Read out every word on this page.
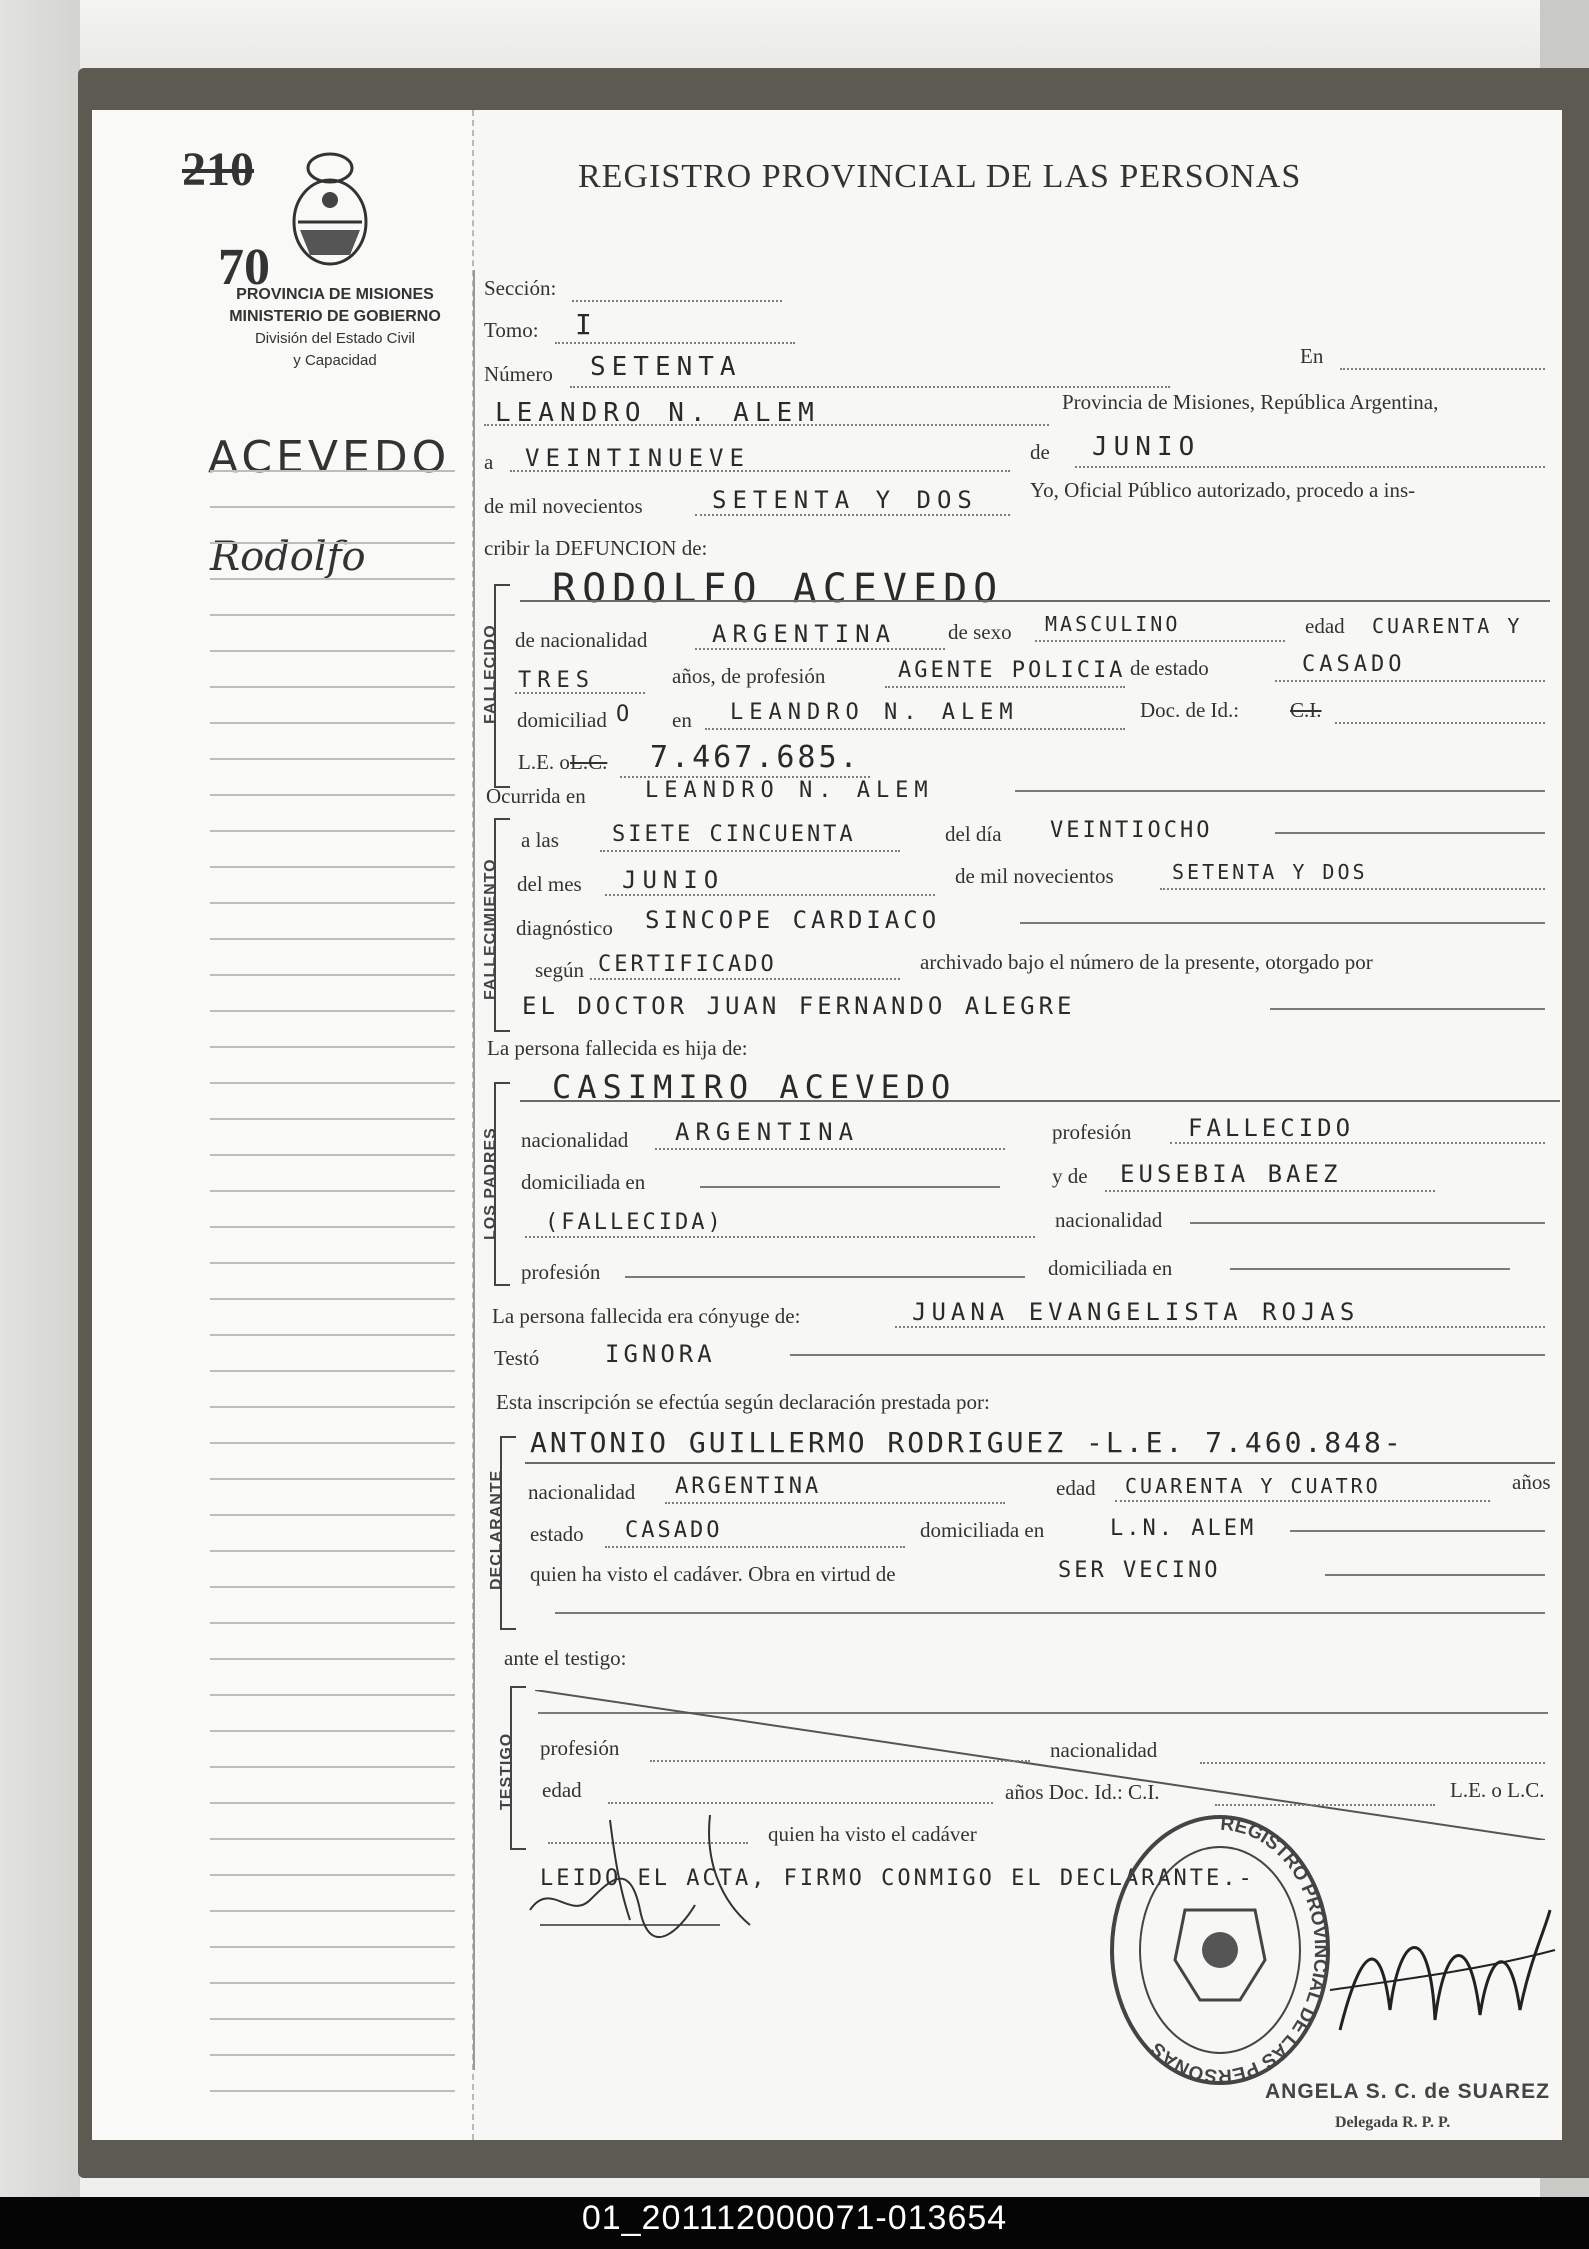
210
70
REGISTRO PROVINCIAL DE LAS PERSONAS
PROVINCIA DE MISIONES
MINISTERIO DE GOBIERNO
División del Estado Civil
y Capacidad
ACEVEDO
Rodolfo
Sección:
Tomo: I
En
Número SETENTA
LEANDRO N. ALEM	Provincia de Misiones, República Argentina,
a VEINTINUEVE	de JUNIO
de mil novecientos	SETENTA Y DOS Yo, Oficial Público autorizado, procedo a ins-
cribir la DEFUNCION de:
FALLECIDO
RODOLFO ACEVEDO
de nacionalidad	ARGENTINA de sexo MASCULINO	edad CUARENTA Y
TRES	años, de profesión	AGENTE POLICIA de estado	CASADO
domiciliad O en LEANDRO N. ALEM	Doc. de Id.: C.I.
L.E. o L.C. 7.467.685.
Ocurrida en	LEANDRO N. ALEM
FALLECIMIENTO
a las SIETE CINCUENTA	del día VEINTIOCHO
del mes JUNIO	de mil novecientos	SETENTA Y DOS
diagnóstico SINCOPE CARDIACO
según CERTIFICADO	archivado bajo el número de la presente, otorgado por
EL DOCTOR JUAN FERNANDO ALEGRE
La persona fallecida es hija de:
LOS PADRES
CASIMIRO ACEVEDO
nacionalidad ARGENTINA	profesión FALLECIDO
domiciliada en	y de EUSEBIA BAEZ
(FALLECIDA)	nacionalidad
profesión	domiciliada en
La persona fallecida era cónyuge de:	JUANA EVANGELISTA ROJAS
Testó	IGNORA
Esta inscripción se efectúa según declaración prestada por:
DECLARANTE
ANTONIO GUILLERMO RODRIGUEZ -L.E. 7.460.848-
nacionalidad ARGENTINA	edad CUARENTA Y CUATRO	años
estado CASADO	domiciliada en	L.N. ALEM
quien ha visto el cadáver. Obra en virtud de	SER VECINO
ante el testigo:
TESTIGO profesión	nacionalidad
edad	años Doc. Id.: C.I.	L.E. o L.C.
quien ha visto el cadáver
LEIDO EL ACTA, FIRMO CONMIGO EL DECLARANTE.-
REGISTRO PROVINCIAL DE LAS PERSONAS
ANGELA S. C. de SUAREZ
Delegada R. P. P.
01_201112000071-013654
